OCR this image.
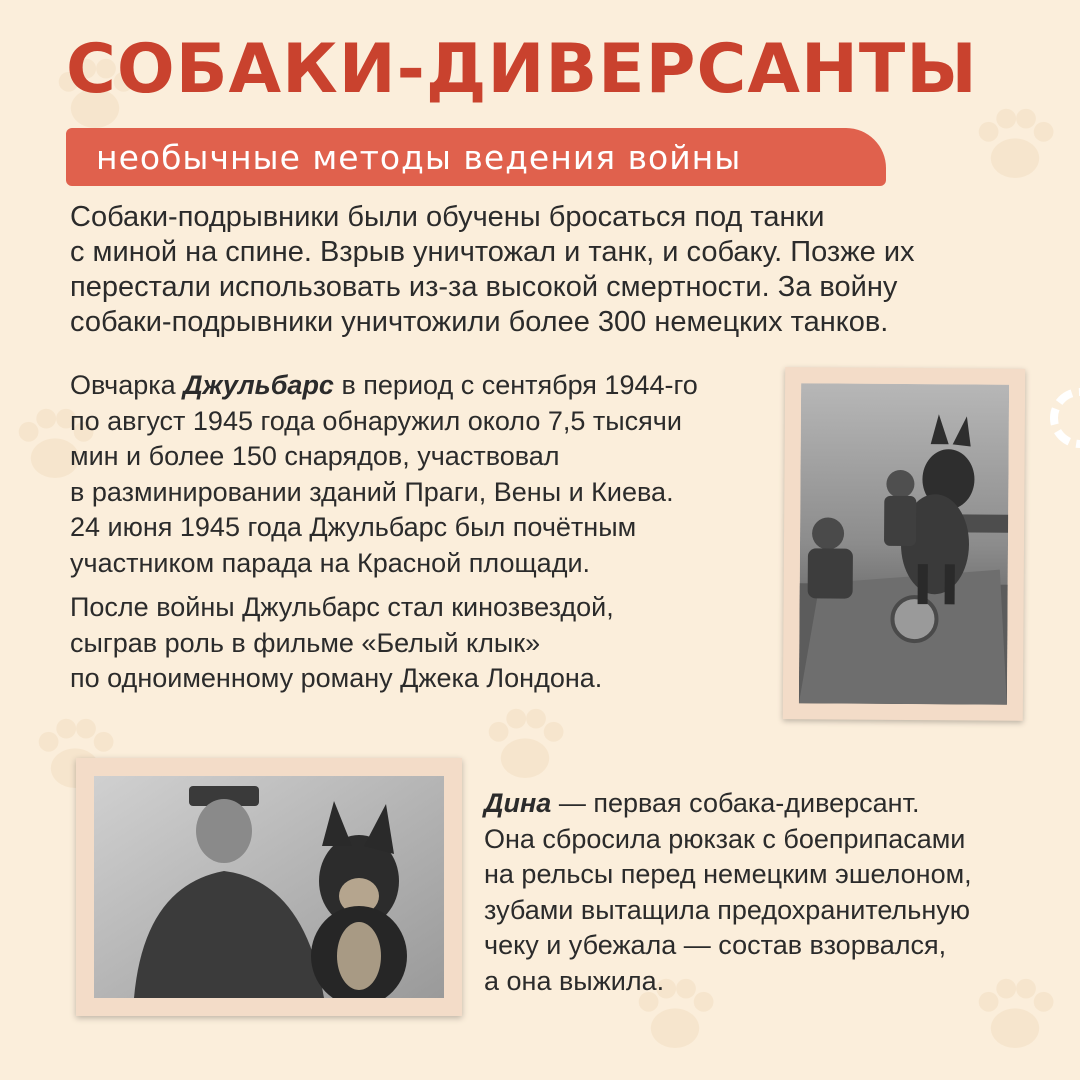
СОБАКИ-ДИВЕРСАНТЫ
необычные методы ведения войны

Собаки-подрывники были обучены бросаться под танки

с миной на спине. Взрыв уничтожал и танк, и собаку. Позже их

перестали использовать из-за высокой смертности. За войну

собаки-подрывники уничтожили более 300 немецких танков.

Овчарка Джульбарс в период с сентября 1944-го

по август 1945 года обнаружил около 7,5 тысячи

мин и более 150 снарядов, участвовал

в разминировании зданий Праги, Вены и Киева.

24 июня 1945 года Джульбарс был почётным

участником парада на Красной площади.

После войны Джульбарс стал кинозвездой,

сыграв роль в фильме «Белый клык»

по одноименному роману Джека Лондона.

Дина — первая собака-диверсант.

Она сбросила рюкзак с боеприпасами

на рельсы перед немецким эшелоном,

зубами вытащила предохранительную

чеку и убежала — состав взорвался,

а она выжила.
